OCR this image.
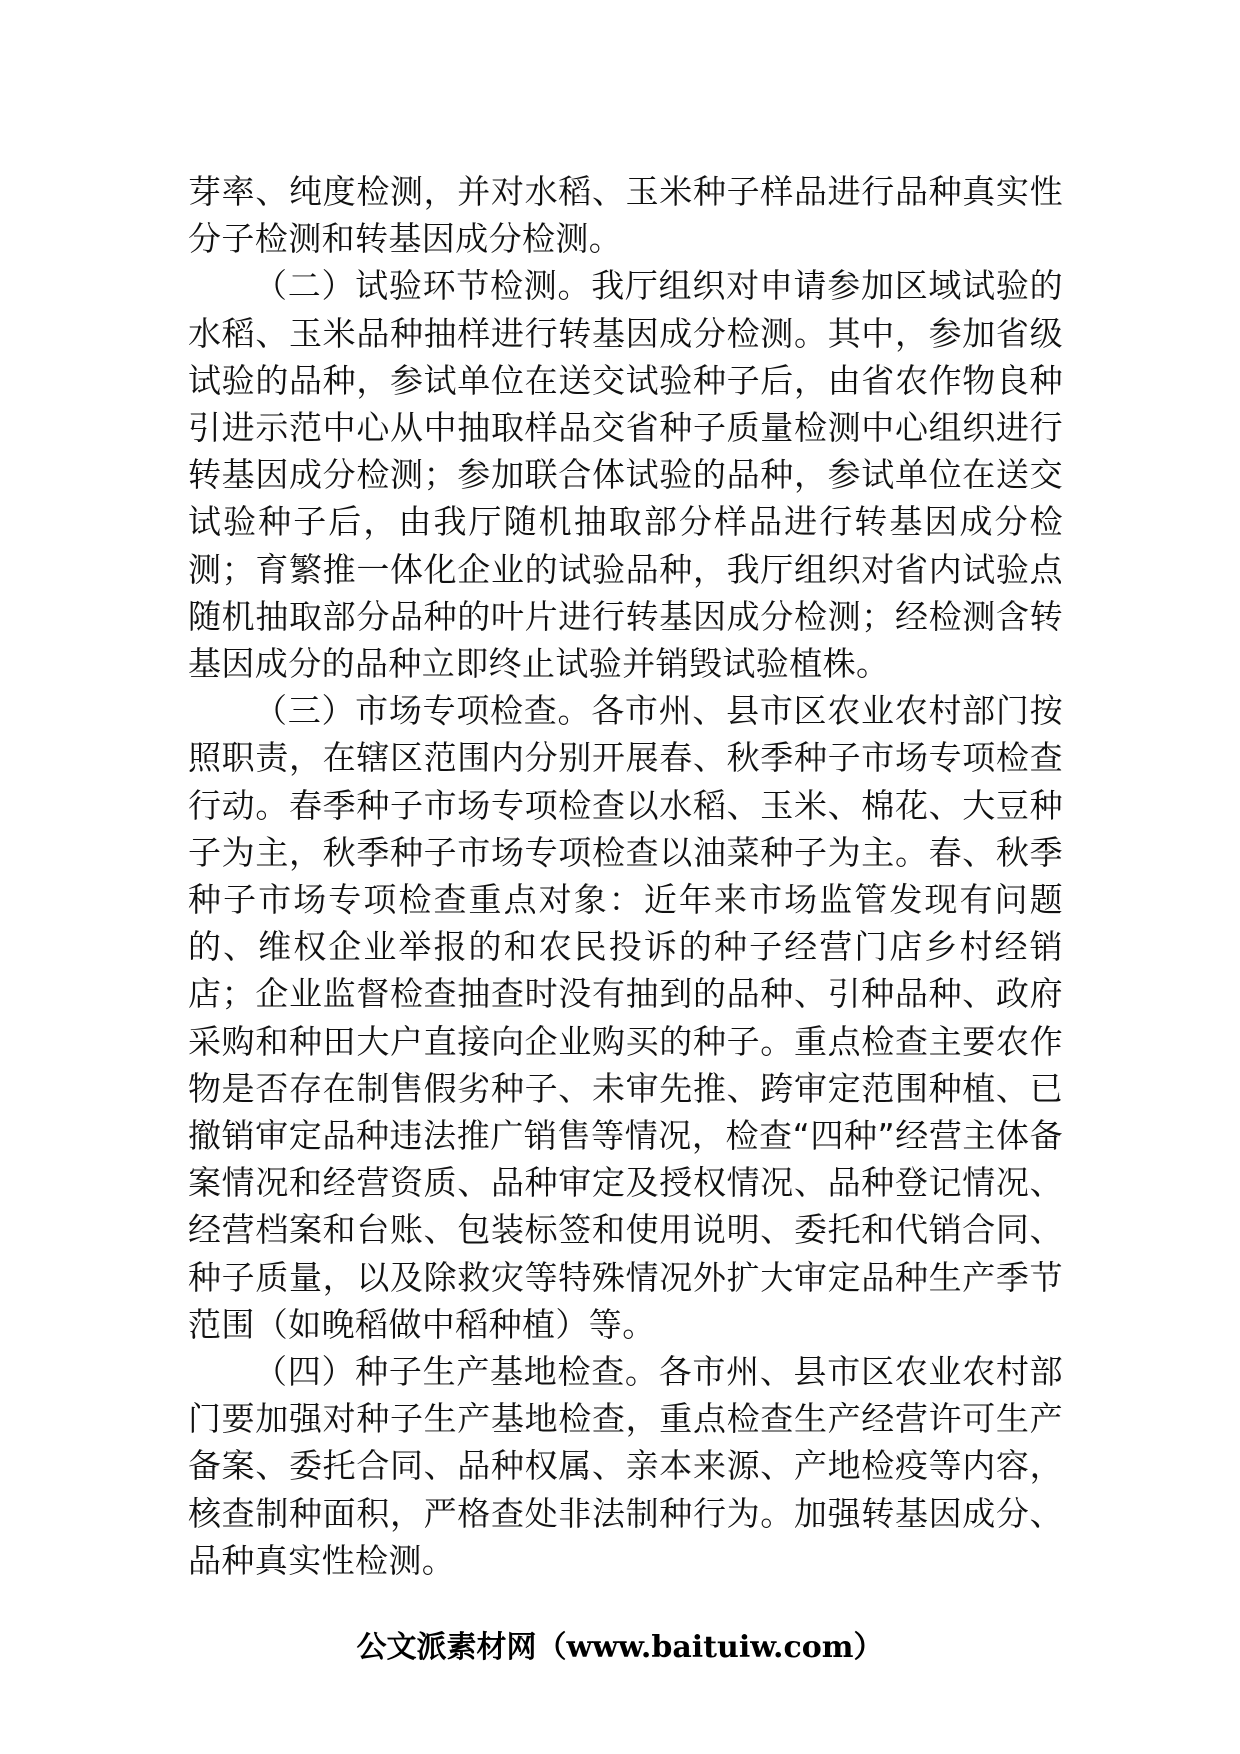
芽率、纯度检测，并对水稻、玉米种子样品进行品种真实性分子检测和转基因成分检测。

（二）试验环节检测。我厅组织对申请参加区域试验的水稻、玉米品种抽样进行转基因成分检测。其中，参加省级试验的品种，参试单位在送交试验种子后，由省农作物良种引进示范中心从中抽取样品交省种子质量检测中心组织进行转基因成分检测；参加联合体试验的品种，参试单位在送交试验种子后，由我厅随机抽取部分样品进行转基因成分检测；育繁推一体化企业的试验品种，我厅组织对省内试验点随机抽取部分品种的叶片进行转基因成分检测；经检测含转基因成分的品种立即终止试验并销毁试验植株。

（三）市场专项检查。各市州、县市区农业农村部门按照职责，在辖区范围内分别开展春、秋季种子市场专项检查行动。春季种子市场专项检查以水稻、玉米、棉花、大豆种子为主，秋季种子市场专项检查以油菜种子为主。春、秋季种子市场专项检查重点对象：近年来市场监管发现有问题的、维权企业举报的和农民投诉的种子经营门店乡村经销店；企业监督检查抽查时没有抽到的品种、引种品种、政府采购和种田大户直接向企业购买的种子。重点检查主要农作物是否存在制售假劣种子、未审先推、跨审定范围种植、已撤销审定品种违法推广销售等情况，检查“四种”经营主体备案情况和经营资质、品种审定及授权情况、品种登记情况、经营档案和台账、包装标签和使用说明、委托和代销合同、种子质量，以及除救灾等特殊情况外扩大审定品种生产季节范围（如晚稻做中稻种植）等。

（四）种子生产基地检查。各市州、县市区农业农村部门要加强对种子生产基地检查，重点检查生产经营许可生产备案、委托合同、品种权属、亲本来源、产地检疫等内容，核查制种面积，严格查处非法制种行为。加强转基因成分、品种真实性检测。

公文派素材网（www.baituiw.com）
